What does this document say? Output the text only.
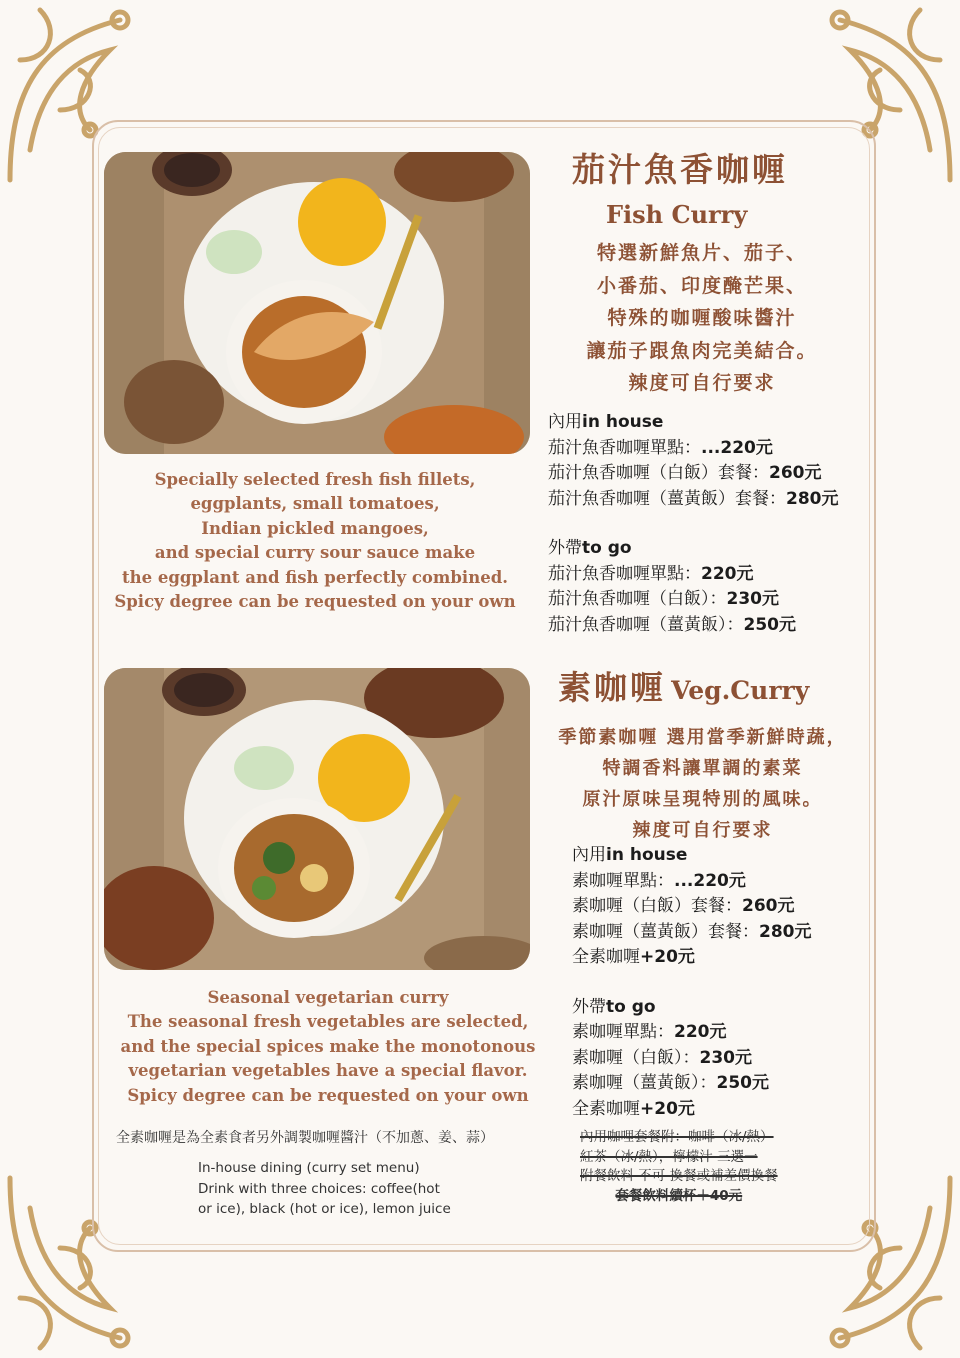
茄汁魚香咖喱
Fish Curry
特選新鮮魚片、茄子、
小番茄、印度醃芒果、
特殊的咖喱酸味醬汁
讓茄子跟魚肉完美結合。
辣度可自行要求
Specially selected fresh fish fillets,
eggplants, small tomatoes,
Indian pickled mangoes,
and special curry sour sauce make
the eggplant and fish perfectly combined.
Spicy degree can be requested on your own
內用in house
茄汁魚香咖喱單點：...220元
茄汁魚香咖喱（白飯）套餐：260元
茄汁魚香咖喱（薑黃飯）套餐：280元
外帶to go
茄汁魚香咖喱單點：220元
茄汁魚香咖喱（白飯）：230元
茄汁魚香咖喱（薑黃飯）：250元
素咖喱 Veg.Curry
季節素咖喱 選用當季新鮮時蔬，
特調香料讓單調的素菜
原汁原味呈現特別的風味。
辣度可自行要求
Seasonal vegetarian curry
The seasonal fresh vegetables are selected,
and the special spices make the monotonous
vegetarian vegetables have a special flavor.
Spicy degree can be requested on your own
內用in house
素咖喱單點：...220元
素咖喱（白飯）套餐：260元
素咖喱（薑黃飯）套餐：280元
全素咖喱+20元
外帶to go
素咖喱單點：220元
素咖喱（白飯）：230元
素咖喱（薑黃飯）：250元
全素咖喱+20元
全素咖喱是為全素食者另外調製咖喱醬汁（不加蔥、姜、蒜）
In-house dining (curry set menu)
Drink with three choices: coffee(hot
or ice), black (hot or ice), lemon juice
內用咖哩套餐附：咖啡（冰/熱）
紅茶（冰/熱），檸檬汁 三選一
附餐飲料 不可 換餐或補差價換餐
套餐飲料續杯＋40元
